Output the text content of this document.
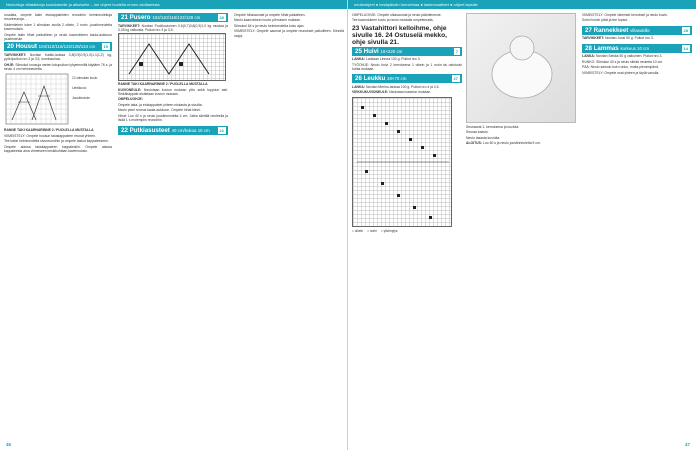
Neulottuja villatakkeja koululaiselle ja aikuiselle – lue ohjeet huolella ennen aloittamista

noudata, ompele takin etukappaleiden reunoihin helmineulettuja resorireunoja...

Kädentiehen tulee 1 silmukan avulla 2 oikein, 2 nurin -joustinneuletta kavennuksin.

Ompele takin hihat paikoilleen ja neulo kaarrokkeen kaula-aukkoon joustinneule.

20 Housut 104/110/116/122/128/134 cm	19

TARVIKKEET: Novitan Kalkki-lankaa 0,8(0,9)0,9(1,0)1,1(1,2) kg, pyöröpuikot nro 3 ja 3,5, kuminauhaa.

OHJE: Silmukoi housuja varten lukupuikon lyhyemmillä käytäen 76 s. ja neulo 4 cm helmineuletta.

12 silmukan kuvio
Lehtikuvio
Joustinneule
RANNE TAKI KAARNARINNE 2 ⁄ PUOLELLA MUSTALLA

VIIMEISTELY: Ompele housun takakappaleen reunat yhteen.

Tee kaksi helmineuletta sivureunoihin ja ompele taskut kappaleeseen.

Ompele alaosa takakappaleen kappaleisiin. Ompele alaosa kappaleesta aina viimeiseen keskikohtaan kavennuksin.

21 Pusero 104/110/116/122/128 cm	20

TARVIKKEET: Novitan Puolikuvioinen 0,6(0,7)0,8(0,9)1,0 kg mustaa ja 0,05 kg valkoista. Puikot nro 3 ja 3,5.

RANNE TAKI KAARNARINNE 2 ⁄ PUOLELLA MUSTALLA

KUVIONEULE: Neulotaan kuvion mukaan ylös sekä loppuun asti. Selkäkappale aloitetaan kuvion mukaan.

OMPELUOHJE:

Ompele taka- ja etukappaleet yhteen niskasta ja sivuilta.

Neulo pieni reunus kaula-aukkoon. Ompele hihat kiinni.

Hihat: Luo 40 s ja neulo joustinneuletta 4 cm. Jatka sileällä neuleella ja lisää 1 s molempiin reunoihin.

22 Putkiasusteet 40 cm/kokoa 15 cm	21

Ompele hihasaumat ja ompele hihat paikalleen.

Neulo kaarrokkeen kuvio piirroksen mukaan.

Silmukoi 64 s ja neulo helmineuletta koko ajan.

VIIMEISTELY: Ompele saumat ja ompele reunukset paikoilleen. Kiinnitä nappi.

46
neuleohjeet ● kesäpäivän tunnelmaa ● lastenvaatteet ● ohjeet lapsille

OMPELUOHJE: Ompele olkasaumat ja neulo pääntieneule.

Tee kaarrokkeen kuvio ja neulo mustalla ompelemalla.

23 Vastahittori kelloihme, ohje sivulle 16. 24 Ostuselä mekko, ohje sivulla 21.
25 Huivi 19×220 cm	7

LANKA: Lankaan Linnea 100 g. Puikot nro 3.

TYÖOHJE: Neulo huivi 2 kerroksena 1 oikein ja 1 nurin tai ostohuivi kohta mukaan.

26 Leukku 28×70 cm	27

LANKA: Novitan Merino-lankaa 100 g. Puikot nro 4 ja 4,5.

VIEKKUKUVIONEULE: Neulotaan kaavion mukaan.

= oikein = nurin = ylivenytys

Seuraavat 1. kerroksena ja kuviota.

Seuraa kaavio.

Neulo tasasta kuviolta.

ALOITUS: Luo 60 s ja neulo joustinneuletta 5 cm.

VIIMEISTELY: Ompele viimeiset kerrokset ja neulo kuvio.

Solmi huivin päät ja tee tupsut.

27 Rannekkeet villasukille	28

TARVIKKEET: Novitan Jussi 50 g. Puikot nro 3.

28 Lammas korkeus 10 cm	14

LANKA: Novitan Seiska 50 g valkoinen. Puikot nro 3.

RUNKO: Silmukoi 40 s ja neulo sileää neuletta 10 cm.

PÄÄ: Neulo samoin kuin runko, mutta pienempänä.

VIIMEISTELY: Ompele osat yhteen ja täytä vanulla.

47
